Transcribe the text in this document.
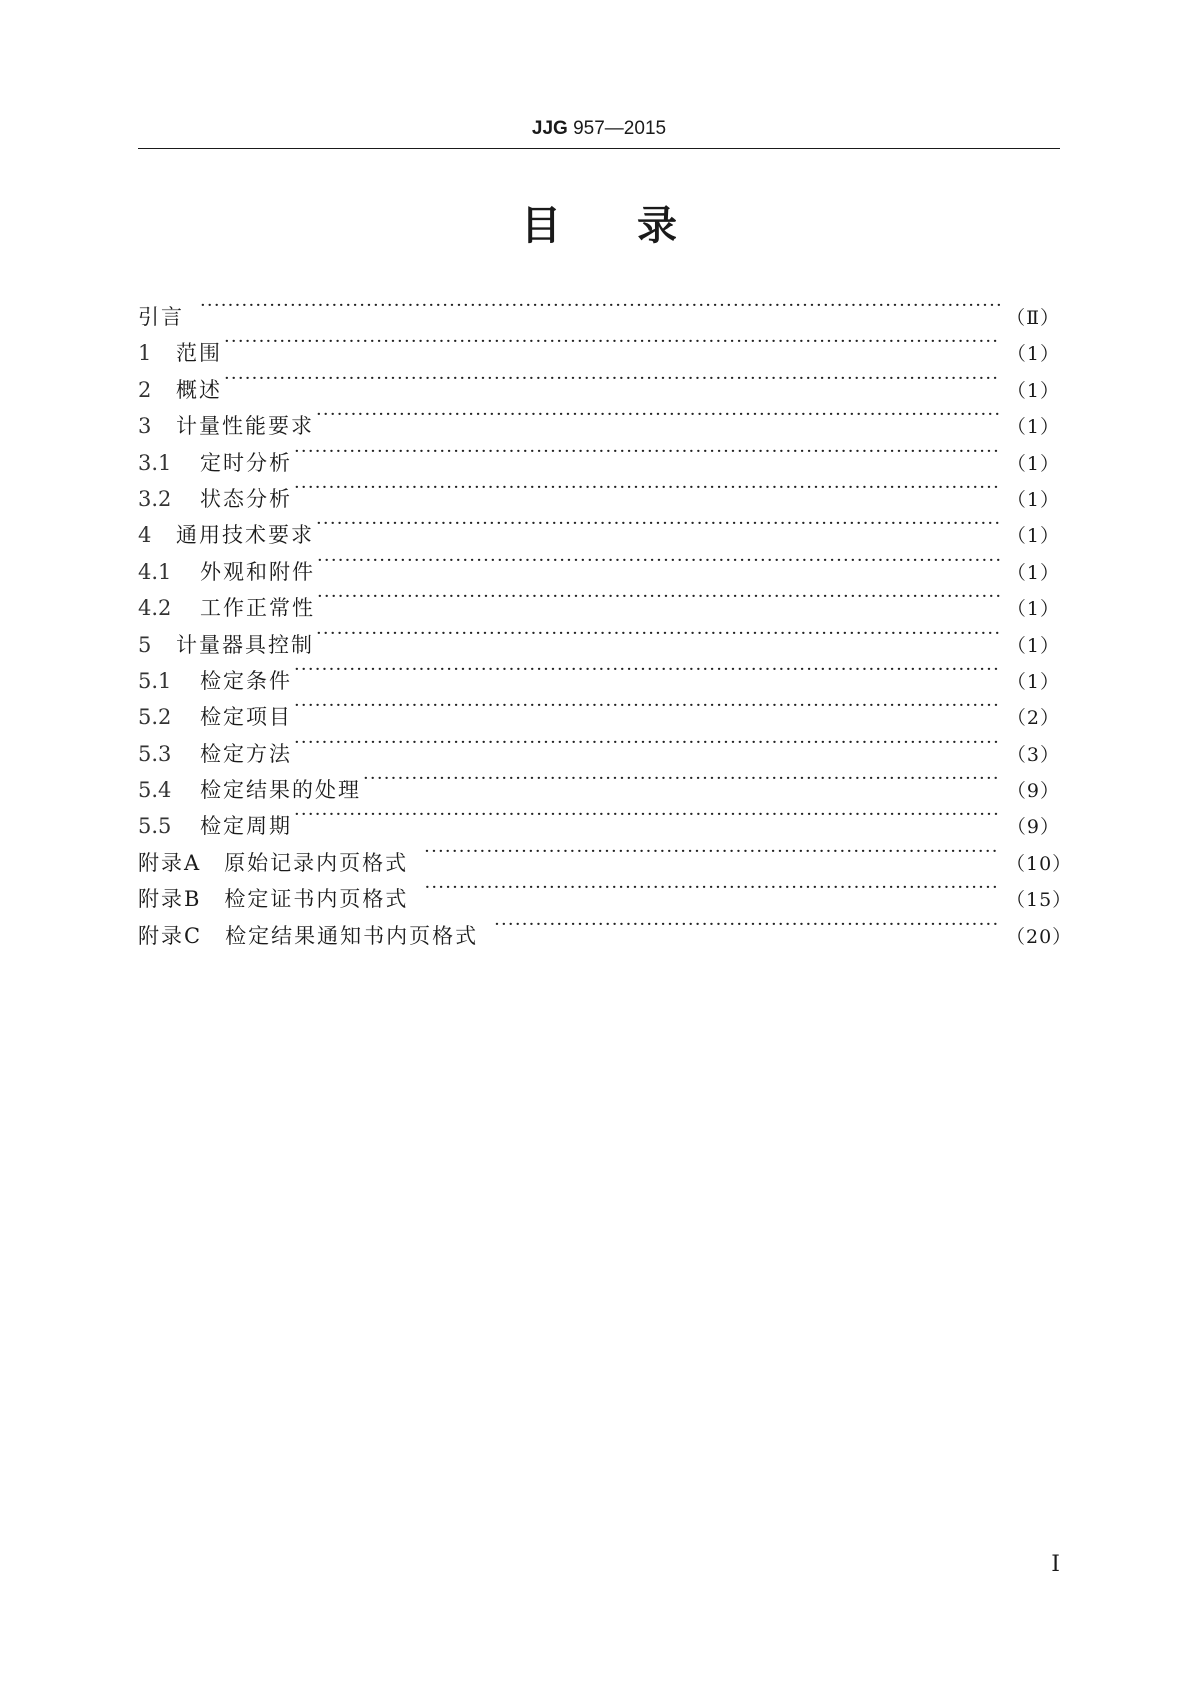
JJG 957—2015
目 录
引言 ·····	（Ⅱ）
1	范围 ·····	（1）
2	概述 ·····	（1）
3	计量性能要求 ·····	（1）
3.1	定时分析 ·····	（1）
3.2	状态分析 ·····	（1）
4	通用技术要求 ·····	（1）
4.1	外观和附件 ·····	（1）
4.2	工作正常性 ·····	（1）
5	计量器具控制 ·····	（1）
5.1	检定条件 ·····	（1）
5.2	检定项目 ·····	（2）
5.3	检定方法 ·····	（3）
5.4	检定结果的处理 ·····	（9）
5.5	检定周期 ·····	（9）
附录A　原始记录内页格式 ·····	（10）
附录B　检定证书内页格式 ·····	（15）
附录C　检定结果通知书内页格式 ·····	（20）
Ⅰ
